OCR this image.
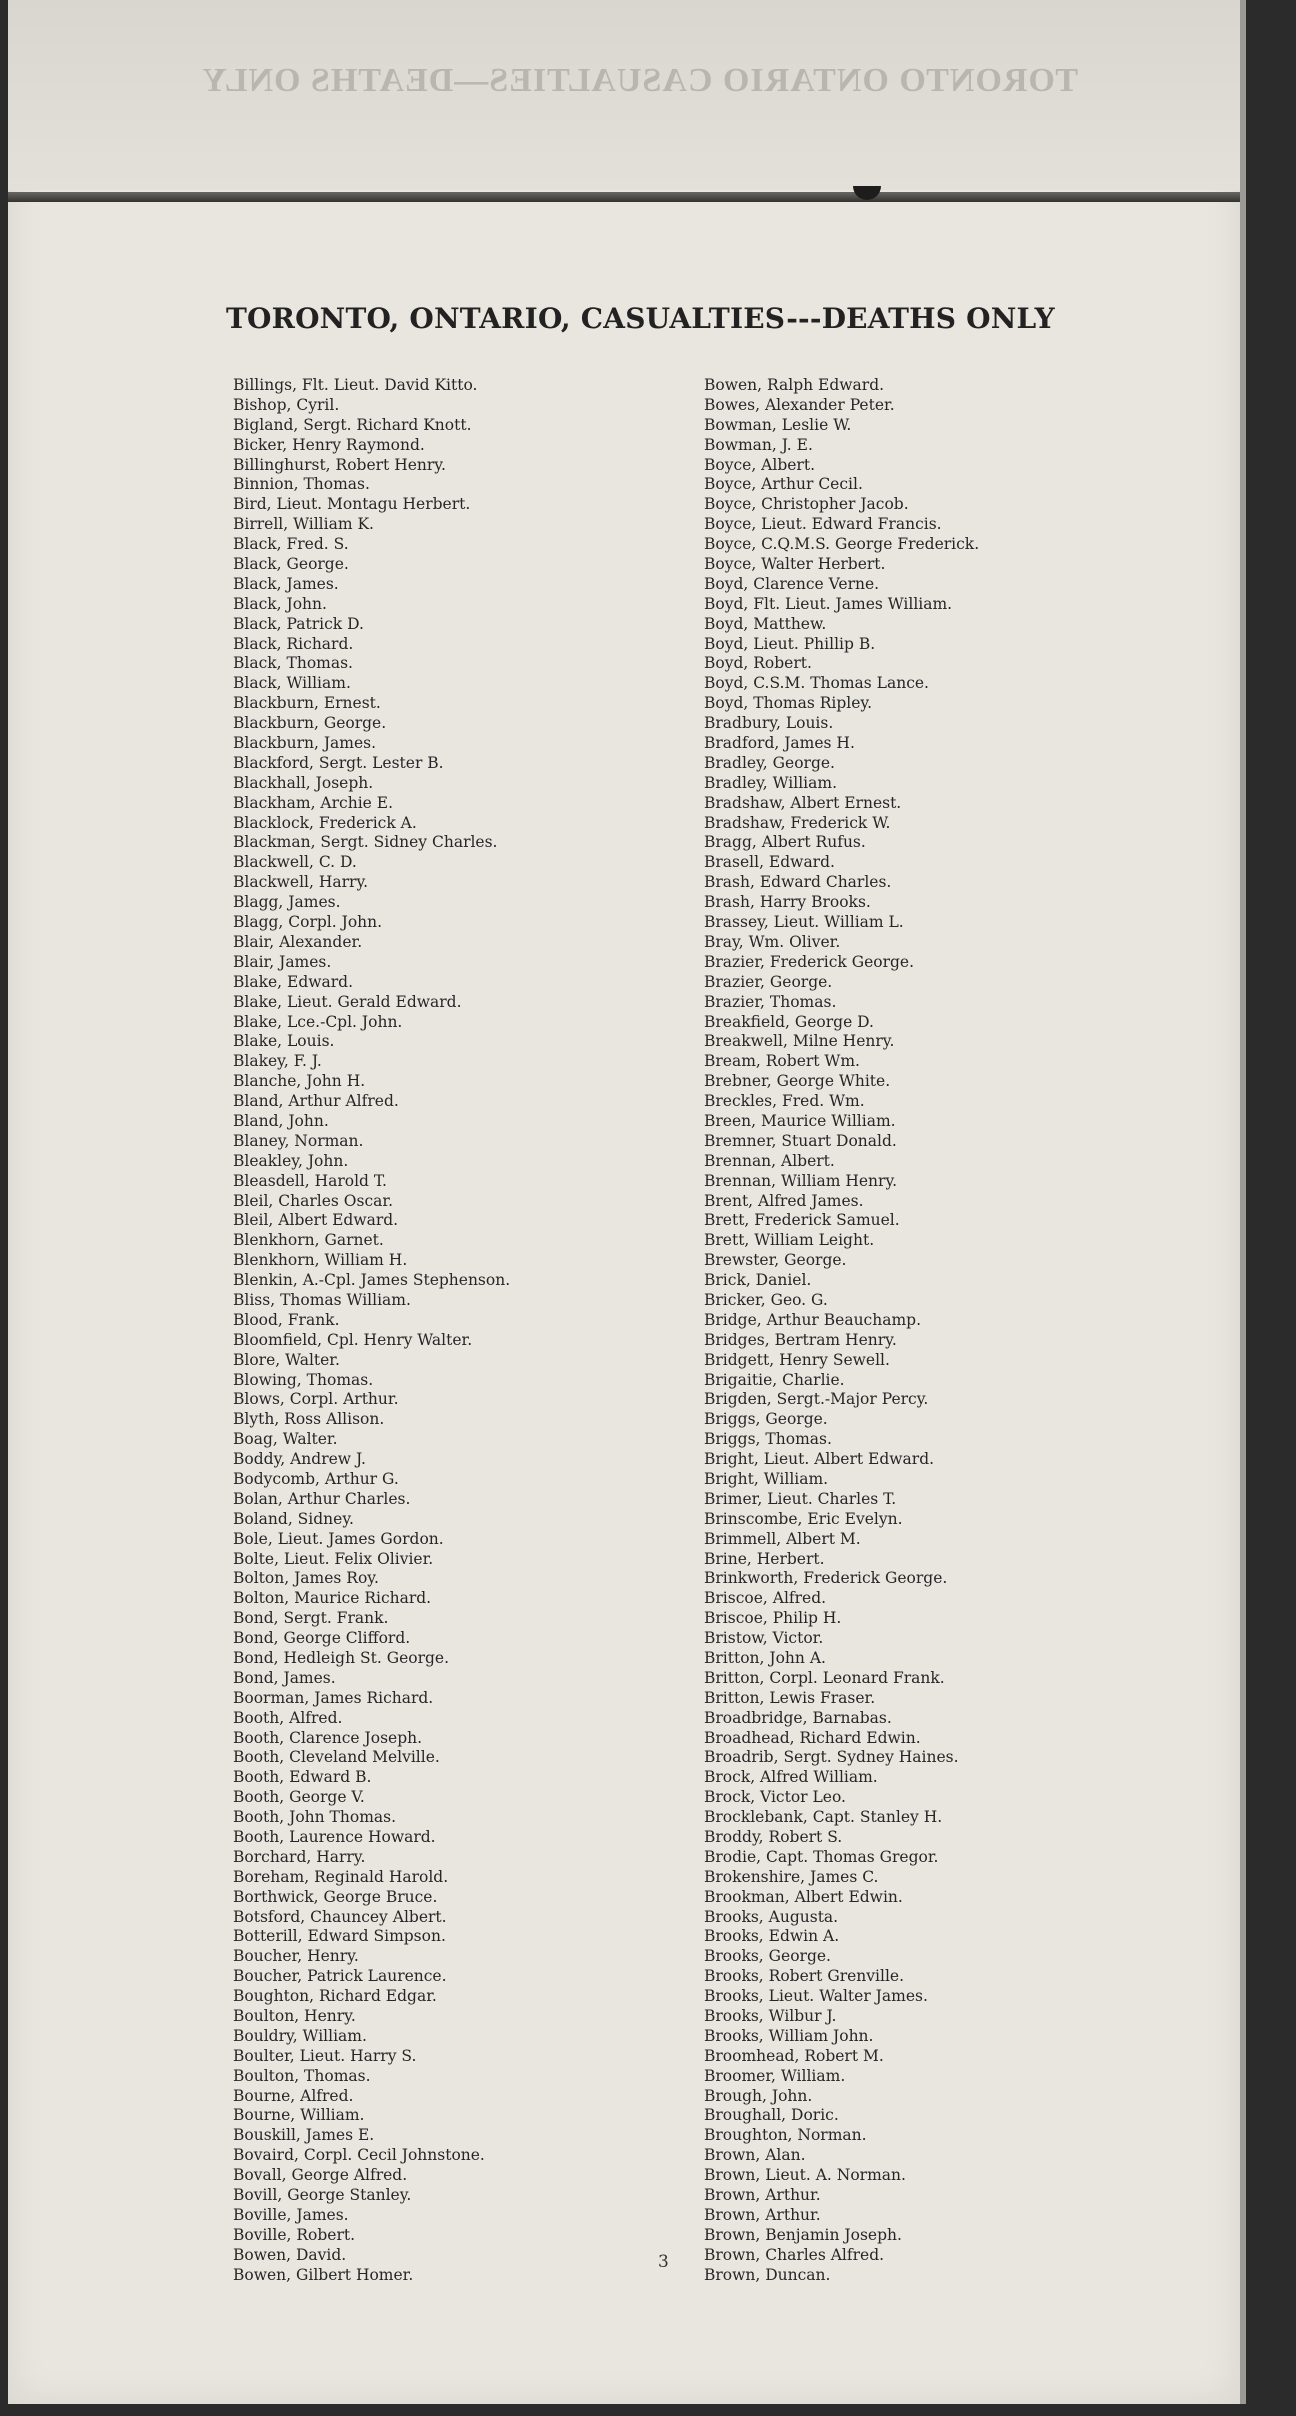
TORONTO ONTARIO CASUALTIES—DEATHS ONLY
TORONTO, ONTARIO, CASUALTIES---DEATHS ONLY
Billings, Flt. Lieut. David Kitto.
Bishop, Cyril.
Bigland, Sergt. Richard Knott.
Bicker, Henry Raymond.
Billinghurst, Robert Henry.
Binnion, Thomas.
Bird, Lieut. Montagu Herbert.
Birrell, William K.
Black, Fred. S.
Black, George.
Black, James.
Black, John.
Black, Patrick D.
Black, Richard.
Black, Thomas.
Black, William.
Blackburn, Ernest.
Blackburn, George.
Blackburn, James.
Blackford, Sergt. Lester B.
Blackhall, Joseph.
Blackham, Archie E.
Blacklock, Frederick A.
Blackman, Sergt. Sidney Charles.
Blackwell, C. D.
Blackwell, Harry.
Blagg, James.
Blagg, Corpl. John.
Blair, Alexander.
Blair, James.
Blake, Edward.
Blake, Lieut. Gerald Edward.
Blake, Lce.-Cpl. John.
Blake, Louis.
Blakey, F. J.
Blanche, John H.
Bland, Arthur Alfred.
Bland, John.
Blaney, Norman.
Bleakley, John.
Bleasdell, Harold T.
Bleil, Charles Oscar.
Bleil, Albert Edward.
Blenkhorn, Garnet.
Blenkhorn, William H.
Blenkin, A.-Cpl. James Stephenson.
Bliss, Thomas William.
Blood, Frank.
Bloomfield, Cpl. Henry Walter.
Blore, Walter.
Blowing, Thomas.
Blows, Corpl. Arthur.
Blyth, Ross Allison.
Boag, Walter.
Boddy, Andrew J.
Bodycomb, Arthur G.
Bolan, Arthur Charles.
Boland, Sidney.
Bole, Lieut. James Gordon.
Bolte, Lieut. Felix Olivier.
Bolton, James Roy.
Bolton, Maurice Richard.
Bond, Sergt. Frank.
Bond, George Clifford.
Bond, Hedleigh St. George.
Bond, James.
Boorman, James Richard.
Booth, Alfred.
Booth, Clarence Joseph.
Booth, Cleveland Melville.
Booth, Edward B.
Booth, George V.
Booth, John Thomas.
Booth, Laurence Howard.
Borchard, Harry.
Boreham, Reginald Harold.
Borthwick, George Bruce.
Botsford, Chauncey Albert.
Botterill, Edward Simpson.
Boucher, Henry.
Boucher, Patrick Laurence.
Boughton, Richard Edgar.
Boulton, Henry.
Bouldry, William.
Boulter, Lieut. Harry S.
Boulton, Thomas.
Bourne, Alfred.
Bourne, William.
Bouskill, James E.
Bovaird, Corpl. Cecil Johnstone.
Bovall, George Alfred.
Bovill, George Stanley.
Boville, James.
Boville, Robert.
Bowen, David.
Bowen, Gilbert Homer.
Bowen, Ralph Edward.
Bowes, Alexander Peter.
Bowman, Leslie W.
Bowman, J. E.
Boyce, Albert.
Boyce, Arthur Cecil.
Boyce, Christopher Jacob.
Boyce, Lieut. Edward Francis.
Boyce, C.Q.M.S. George Frederick.
Boyce, Walter Herbert.
Boyd, Clarence Verne.
Boyd, Flt. Lieut. James William.
Boyd, Matthew.
Boyd, Lieut. Phillip B.
Boyd, Robert.
Boyd, C.S.M. Thomas Lance.
Boyd, Thomas Ripley.
Bradbury, Louis.
Bradford, James H.
Bradley, George.
Bradley, William.
Bradshaw, Albert Ernest.
Bradshaw, Frederick W.
Bragg, Albert Rufus.
Brasell, Edward.
Brash, Edward Charles.
Brash, Harry Brooks.
Brassey, Lieut. William L.
Bray, Wm. Oliver.
Brazier, Frederick George.
Brazier, George.
Brazier, Thomas.
Breakfield, George D.
Breakwell, Milne Henry.
Bream, Robert Wm.
Brebner, George White.
Breckles, Fred. Wm.
Breen, Maurice William.
Bremner, Stuart Donald.
Brennan, Albert.
Brennan, William Henry.
Brent, Alfred James.
Brett, Frederick Samuel.
Brett, William Leight.
Brewster, George.
Brick, Daniel.
Bricker, Geo. G.
Bridge, Arthur Beauchamp.
Bridges, Bertram Henry.
Bridgett, Henry Sewell.
Brigaitie, Charlie.
Brigden, Sergt.-Major Percy.
Briggs, George.
Briggs, Thomas.
Bright, Lieut. Albert Edward.
Bright, William.
Brimer, Lieut. Charles T.
Brinscombe, Eric Evelyn.
Brimmell, Albert M.
Brine, Herbert.
Brinkworth, Frederick George.
Briscoe, Alfred.
Briscoe, Philip H.
Bristow, Victor.
Britton, John A.
Britton, Corpl. Leonard Frank.
Britton, Lewis Fraser.
Broadbridge, Barnabas.
Broadhead, Richard Edwin.
Broadrib, Sergt. Sydney Haines.
Brock, Alfred William.
Brock, Victor Leo.
Brocklebank, Capt. Stanley H.
Broddy, Robert S.
Brodie, Capt. Thomas Gregor.
Brokenshire, James C.
Brookman, Albert Edwin.
Brooks, Augusta.
Brooks, Edwin A.
Brooks, George.
Brooks, Robert Grenville.
Brooks, Lieut. Walter James.
Brooks, Wilbur J.
Brooks, William John.
Broomhead, Robert M.
Broomer, William.
Brough, John.
Broughall, Doric.
Broughton, Norman.
Brown, Alan.
Brown, Lieut. A. Norman.
Brown, Arthur.
Brown, Arthur.
Brown, Benjamin Joseph.
Brown, Charles Alfred.
Brown, Duncan.
3
